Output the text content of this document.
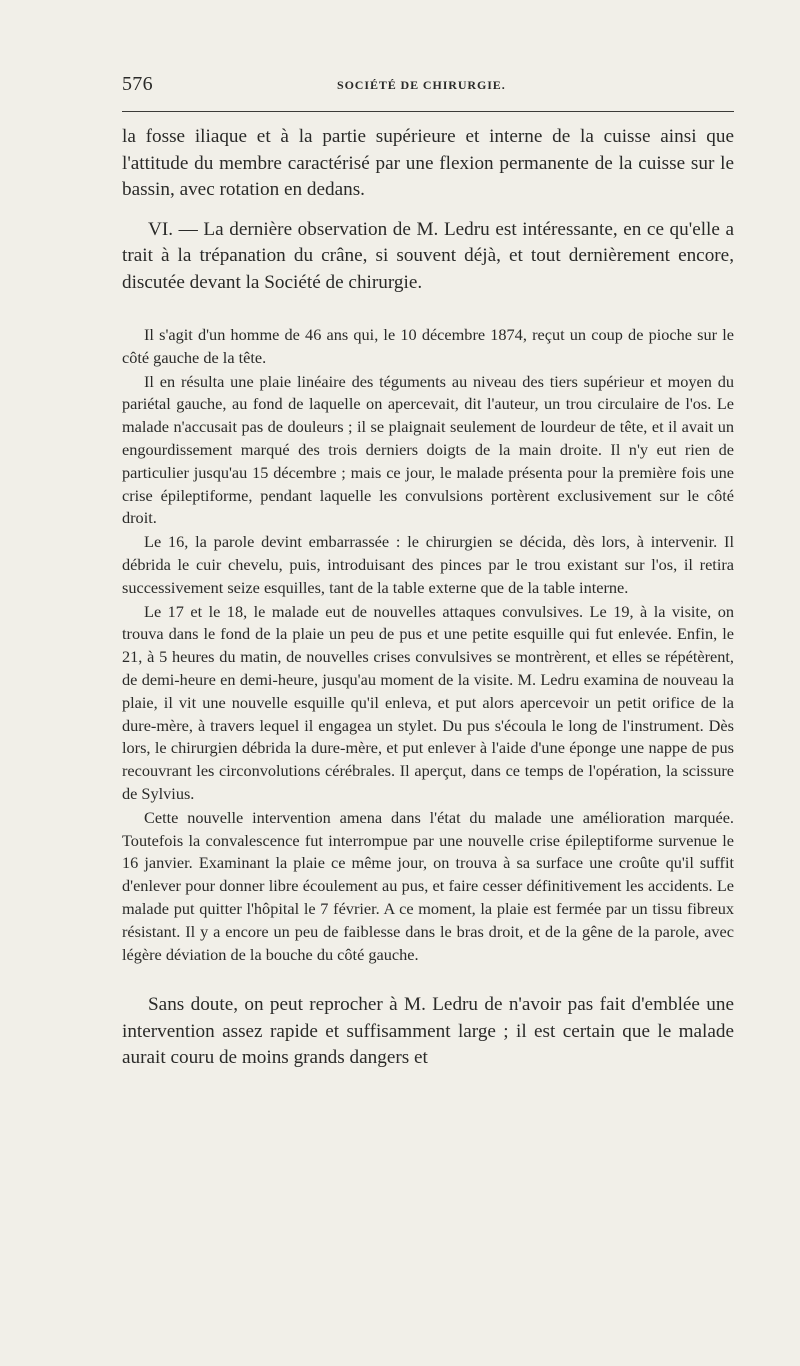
576	SOCIÉTÉ DE CHIRURGIE.

la fosse iliaque et à la partie supérieure et interne de la cuisse ainsi que l'attitude du membre caractérisé par une flexion permanente de la cuisse sur le bassin, avec rotation en dedans.

VI. — La dernière observation de M. Ledru est intéressante, en ce qu'elle a trait à la trépanation du crâne, si souvent déjà, et tout dernièrement encore, discutée devant la Société de chirurgie.

Il s'agit d'un homme de 46 ans qui, le 10 décembre 1874, reçut un coup de pioche sur le côté gauche de la tête.

Il en résulta une plaie linéaire des téguments au niveau des tiers supérieur et moyen du pariétal gauche, au fond de laquelle on apercevait, dit l'auteur, un trou circulaire de l'os. Le malade n'accusait pas de douleurs ; il se plaignait seulement de lourdeur de tête, et il avait un engourdissement marqué des trois derniers doigts de la main droite. Il n'y eut rien de particulier jusqu'au 15 décembre ; mais ce jour, le malade présenta pour la première fois une crise épileptiforme, pendant laquelle les convulsions portèrent exclusivement sur le côté droit.

Le 16, la parole devint embarrassée : le chirurgien se décida, dès lors, à intervenir. Il débrida le cuir chevelu, puis, introduisant des pinces par le trou existant sur l'os, il retira successivement seize esquilles, tant de la table externe que de la table interne.

Le 17 et le 18, le malade eut de nouvelles attaques convulsives. Le 19, à la visite, on trouva dans le fond de la plaie un peu de pus et une petite esquille qui fut enlevée. Enfin, le 21, à 5 heures du matin, de nouvelles crises convulsives se montrèrent, et elles se répétèrent, de demi-heure en demi-heure, jusqu'au moment de la visite. M. Ledru examina de nouveau la plaie, il vit une nouvelle esquille qu'il enleva, et put alors apercevoir un petit orifice de la dure-mère, à travers lequel il engagea un stylet. Du pus s'écoula le long de l'instrument. Dès lors, le chirurgien débrida la dure-mère, et put enlever à l'aide d'une éponge une nappe de pus recouvrant les circonvolutions cérébrales. Il aperçut, dans ce temps de l'opération, la scissure de Sylvius.

Cette nouvelle intervention amena dans l'état du malade une amélioration marquée. Toutefois la convalescence fut interrompue par une nouvelle crise épileptiforme survenue le 16 janvier. Examinant la plaie ce même jour, on trouva à sa surface une croûte qu'il suffit d'enlever pour donner libre écoulement au pus, et faire cesser définitivement les accidents. Le malade put quitter l'hôpital le 7 février. A ce moment, la plaie est fermée par un tissu fibreux résistant. Il y a encore un peu de faiblesse dans le bras droit, et de la gêne de la parole, avec légère déviation de la bouche du côté gauche.

Sans doute, on peut reprocher à M. Ledru de n'avoir pas fait d'emblée une intervention assez rapide et suffisamment large ; il est certain que le malade aurait couru de moins grands dangers et
